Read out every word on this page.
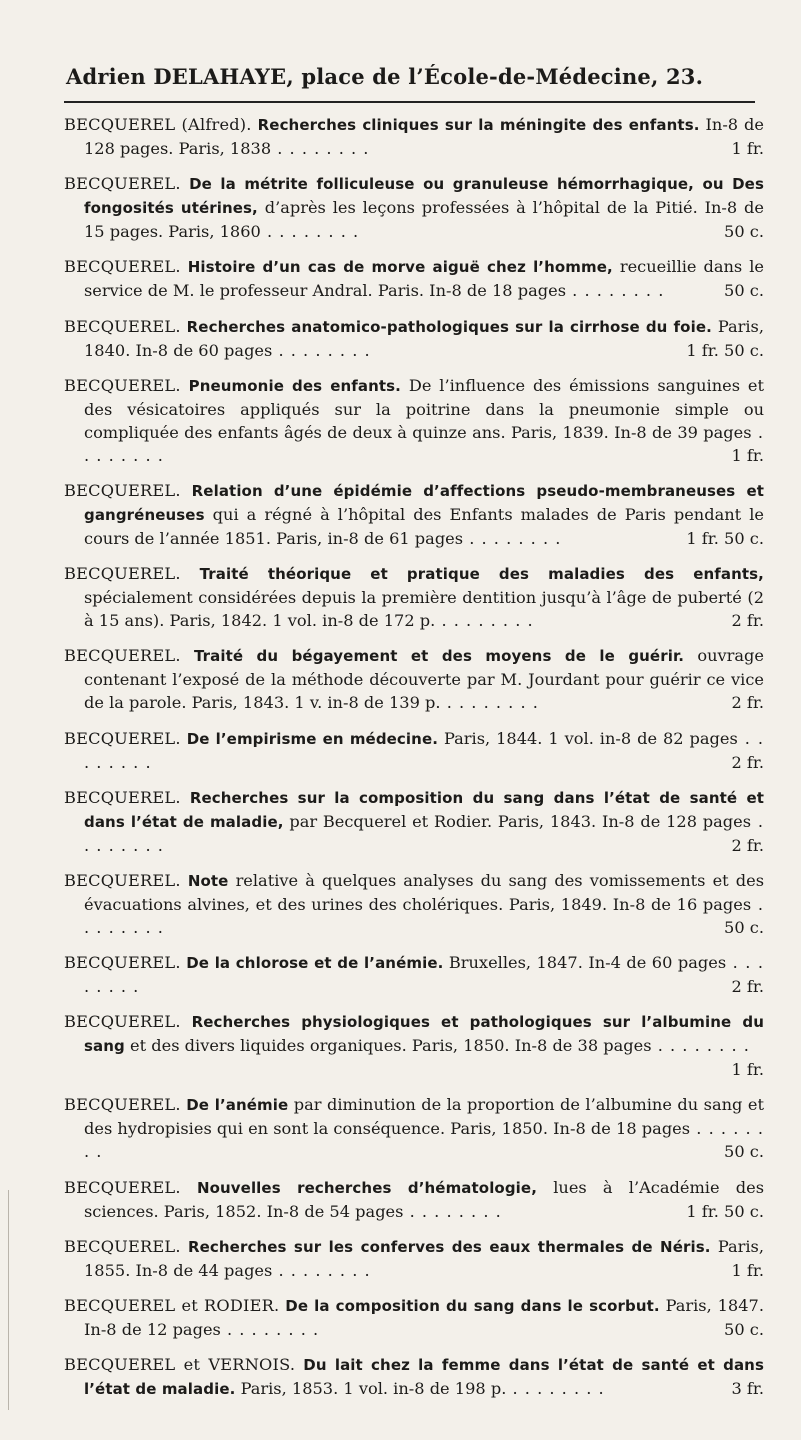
Adrien DELAHAYE, place de l’École-de-Médecine, 23.
BECQUEREL (Alfred). Recherches cliniques sur la méningite des enfants. In-8 de 128 pages. Paris, 1838 . . . . . . . .	1 fr.
BECQUEREL. De la métrite folliculeuse ou granuleuse hémorrhagique, ou Des fongosités utérines, d’après les leçons professées à l’hôpital de la Pitié. In-8 de 15 pages. Paris, 1860 . . . . . . . .	50 c.
BECQUEREL. Histoire d’un cas de morve aiguë chez l’homme, recueillie dans le service de M. le professeur Andral. Paris. In-8 de 18 pages . . . . . . . .	50 c.
BECQUEREL. Recherches anatomico-pathologiques sur la cirrhose du foie. Paris, 1840. In-8 de 60 pages . . . . . . . .	1 fr. 50 c.
BECQUEREL. Pneumonie des enfants. De l’influence des émissions sanguines et des vésicatoires appliqués sur la poitrine dans la pneumonie simple ou compliquée des enfants âgés de deux à quinze ans. Paris, 1839. In-8 de 39 pages . . . . . . . .	1 fr.
BECQUEREL. Relation d’une épidémie d’affections pseudo-membraneuses et gangréneuses qui a régné à l’hôpital des Enfants malades de Paris pendant le cours de l’année 1851. Paris, in-8 de 61 pages . . . . . . . .	1 fr. 50 c.
BECQUEREL. Traité théorique et pratique des maladies des enfants, spécialement considérées depuis la première dentition jusqu’à l’âge de puberté (2 à 15 ans). Paris, 1842. 1 vol. in-8 de 172 p. . . . . . . . .	2 fr.
BECQUEREL. Traité du bégayement et des moyens de le guérir. ouvrage contenant l’exposé de la méthode découverte par M. Jourdant pour guérir ce vice de la parole. Paris, 1843. 1 v. in-8 de 139 p. . . . . . . . .	2 fr.
BECQUEREL. De l’empirisme en médecine. Paris, 1844. 1 vol. in-8 de 82 pages . . . . . . . .	2 fr.
BECQUEREL. Recherches sur la composition du sang dans l’état de santé et dans l’état de maladie, par Becquerel et Rodier. Paris, 1843. In-8 de 128 pages . . . . . . . .	2 fr.
BECQUEREL. Note relative à quelques analyses du sang des vomissements et des évacuations alvines, et des urines des cholériques. Paris, 1849. In-8 de 16 pages . . . . . . . .	50 c.
BECQUEREL. De la chlorose et de l’anémie. Bruxelles, 1847. In-4 de 60 pages . . . . . . . .	2 fr.
BECQUEREL. Recherches physiologiques et pathologiques sur l’albumine du sang et des divers liquides organiques. Paris, 1850. In-8 de 38 pages . . . . . . . .
1 fr.
BECQUEREL. De l’anémie par diminution de la proportion de l’albumine du sang et des hydropisies qui en sont la conséquence. Paris, 1850. In-8 de 18 pages . . . . . . . .	50 c.
BECQUEREL. Nouvelles recherches d’hématologie, lues à l’Académie des sciences. Paris, 1852. In-8 de 54 pages . . . . . . . .	1 fr. 50 c.
BECQUEREL. Recherches sur les conferves des eaux thermales de Néris. Paris, 1855. In-8 de 44 pages . . . . . . . .	1 fr.
BECQUEREL et RODIER. De la composition du sang dans le scorbut. Paris, 1847. In-8 de 12 pages . . . . . . . .	50 c.
BECQUEREL et VERNOIS. Du lait chez la femme dans l’état de santé et dans l’état de maladie. Paris, 1853. 1 vol. in-8 de 198 p. . . . . . . . .	3 fr.
